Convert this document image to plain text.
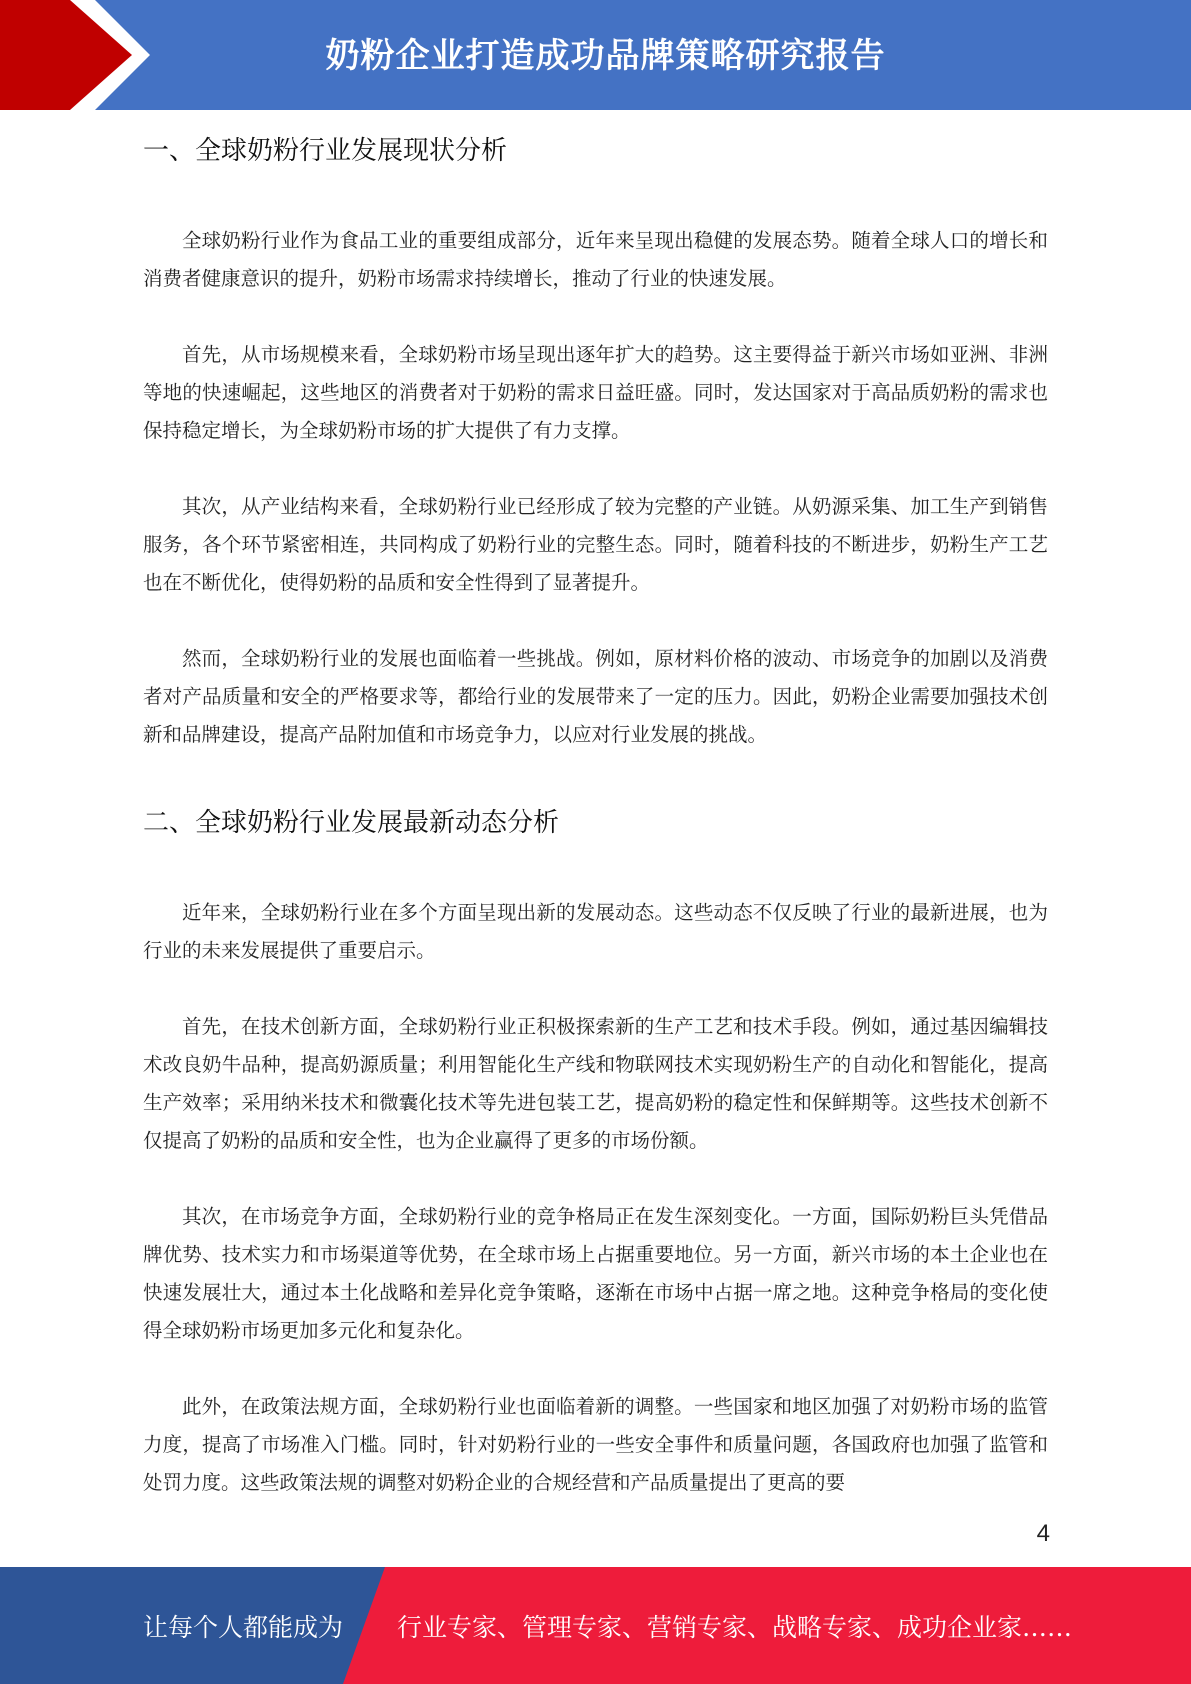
奶粉企业打造成功品牌策略研究报告
一、全球奶粉行业发展现状分析

全球奶粉行业作为食品工业的重要组成部分，近年来呈现出稳健的发展态势。随着全球人口的增长和消费者健康意识的提升，奶粉市场需求持续增长，推动了行业的快速发展。

首先，从市场规模来看，全球奶粉市场呈现出逐年扩大的趋势。这主要得益于新兴市场如亚洲、非洲等地的快速崛起，这些地区的消费者对于奶粉的需求日益旺盛。同时，发达国家对于高品质奶粉的需求也保持稳定增长，为全球奶粉市场的扩大提供了有力支撑。

其次，从产业结构来看，全球奶粉行业已经形成了较为完整的产业链。从奶源采集、加工生产到销售服务，各个环节紧密相连，共同构成了奶粉行业的完整生态。同时，随着科技的不断进步，奶粉生产工艺也在不断优化，使得奶粉的品质和安全性得到了显著提升。

然而，全球奶粉行业的发展也面临着一些挑战。例如，原材料价格的波动、市场竞争的加剧以及消费者对产品质量和安全的严格要求等，都给行业的发展带来了一定的压力。因此，奶粉企业需要加强技术创新和品牌建设，提高产品附加值和市场竞争力，以应对行业发展的挑战。

二、全球奶粉行业发展最新动态分析

近年来，全球奶粉行业在多个方面呈现出新的发展动态。这些动态不仅反映了行业的最新进展，也为行业的未来发展提供了重要启示。

首先，在技术创新方面，全球奶粉行业正积极探索新的生产工艺和技术手段。例如，通过基因编辑技术改良奶牛品种，提高奶源质量；利用智能化生产线和物联网技术实现奶粉生产的自动化和智能化，提高生产效率；采用纳米技术和微囊化技术等先进包装工艺，提高奶粉的稳定性和保鲜期等。这些技术创新不仅提高了奶粉的品质和安全性，也为企业赢得了更多的市场份额。

其次，在市场竞争方面，全球奶粉行业的竞争格局正在发生深刻变化。一方面，国际奶粉巨头凭借品牌优势、技术实力和市场渠道等优势，在全球市场上占据重要地位。另一方面，新兴市场的本土企业也在快速发展壮大，通过本土化战略和差异化竞争策略，逐渐在市场中占据一席之地。这种竞争格局的变化使得全球奶粉市场更加多元化和复杂化。

此外，在政策法规方面，全球奶粉行业也面临着新的调整。一些国家和地区加强了对奶粉市场的监管力度，提高了市场准入门槛。同时，针对奶粉行业的一些安全事件和质量问题，各国政府也加强了监管和处罚力度。这些政策法规的调整对奶粉企业的合规经营和产品质量提出了更高的要

4
让每个人都能成为 行业专家、管理专家、营销专家、战略专家、成功企业家……
